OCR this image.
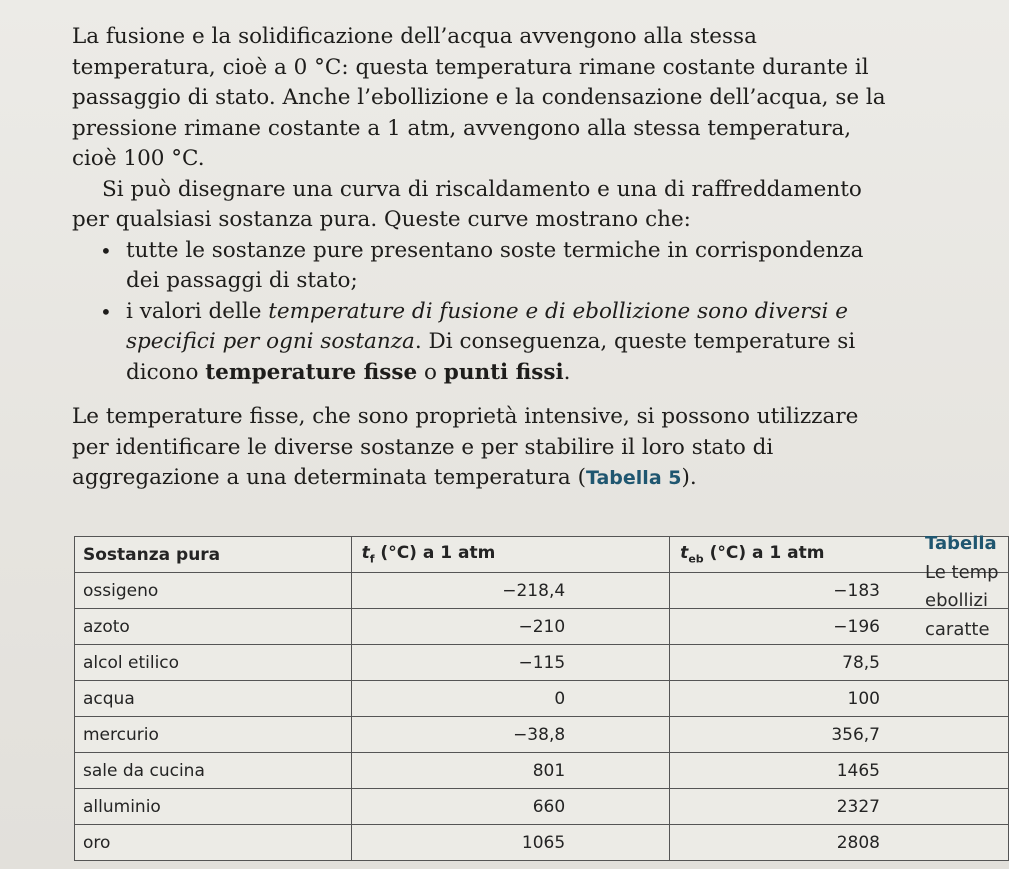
La fusione e la solidificazione dell’acqua avvengono alla stessa temperatura, cioè a 0 °C: questa temperatura rimane costante durante il passaggio di stato. Anche l’ebollizione e la condensazione dell’acqua, se la pressione rimane costante a 1 atm, avvengono alla stessa temperatura, cioè 100 °C.

Si può disegnare una curva di riscaldamento e una di raffreddamento per qualsiasi sostanza pura. Queste curve mostrano che:

• tutte le sostanze pure presentano soste termiche in corrispondenza dei passaggi di stato;
• i valori delle temperature di fusione e di ebollizione sono diversi e specifici per ogni sostanza. Di conseguenza, queste temperature si dicono temperature fisse o punti fissi.

Le temperature fisse, che sono proprietà intensive, si possono utilizzare per identificare le diverse sostanze e per stabilire il loro stato di aggregazione a una determinata temperatura (Tabella 5).

Sostanza pura	$t_f$ (°C) a 1 atm	$t_{eb}$ (°C) a 1 atm
ossigeno	−218,4	−183
azoto	−210	−196
alcol etilico	−115	78,5
acqua	0	100
mercurio	−38,8	356,7
sale da cucina	801	1465
alluminio	660	2327
oro	1065	2808
Tabella
Le temp
ebollizi
caratte
